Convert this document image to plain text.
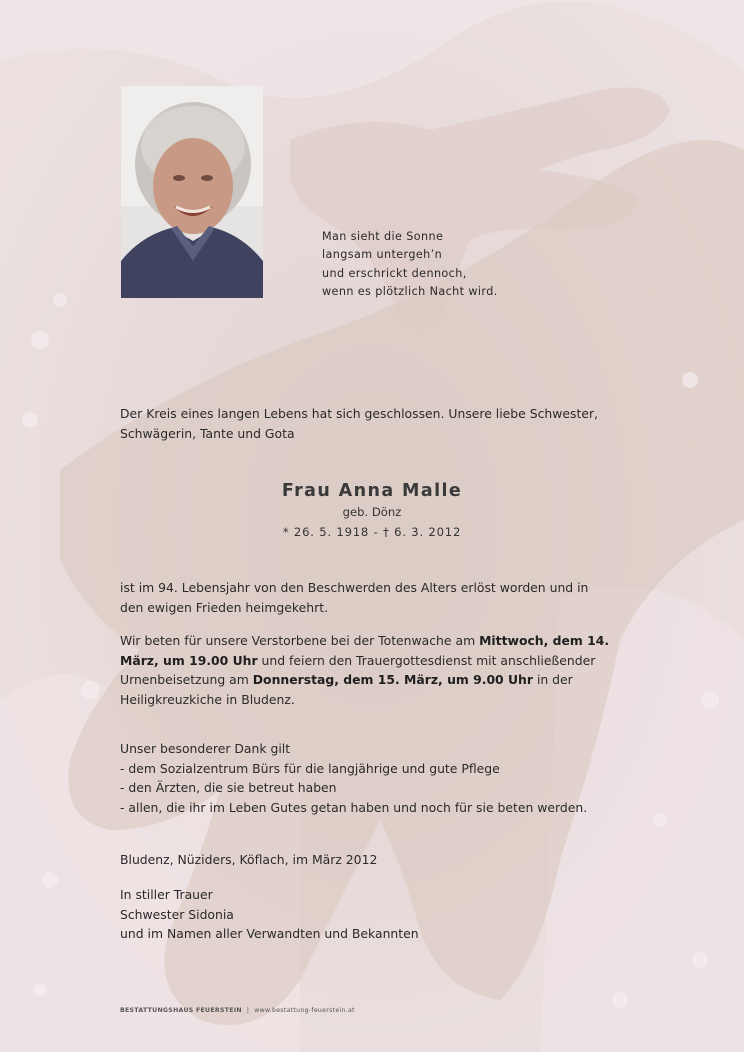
Man sieht die Sonne
langsam untergeh’n
und erschrickt dennoch,
wenn es plötzlich Nacht wird.
Der Kreis eines langen Lebens hat sich geschlossen. Unsere liebe Schwester,
Schwägerin, Tante und Gota
Frau Anna Malle
geb. Dönz
* 26. 5. 1918 - † 6. 3. 2012
ist im 94. Lebensjahr von den Beschwerden des Alters erlöst worden und in
den ewigen Frieden heimgekehrt.
Wir beten für unsere Verstorbene bei der Totenwache am Mittwoch, dem 14. März, um 19.00 Uhr und feiern den Trauergottesdienst mit anschließender Urnenbeisetzung am Donnerstag, dem 15. März, um 9.00 Uhr in der Heiligkreuzkiche in Bludenz.
Unser besonderer Dank gilt
- dem Sozialzentrum Bürs für die langjährige und gute Pflege
- den Ärzten, die sie betreut haben
- allen, die ihr im Leben Gutes getan haben und noch für sie beten werden.
Bludenz, Nüziders, Köflach, im März 2012
In stiller Trauer
Schwester Sidonia
und im Namen aller Verwandten und Bekannten
BESTATTUNGSHAUS FEUERSTEIN | www.bestattung-feuerstein.at
